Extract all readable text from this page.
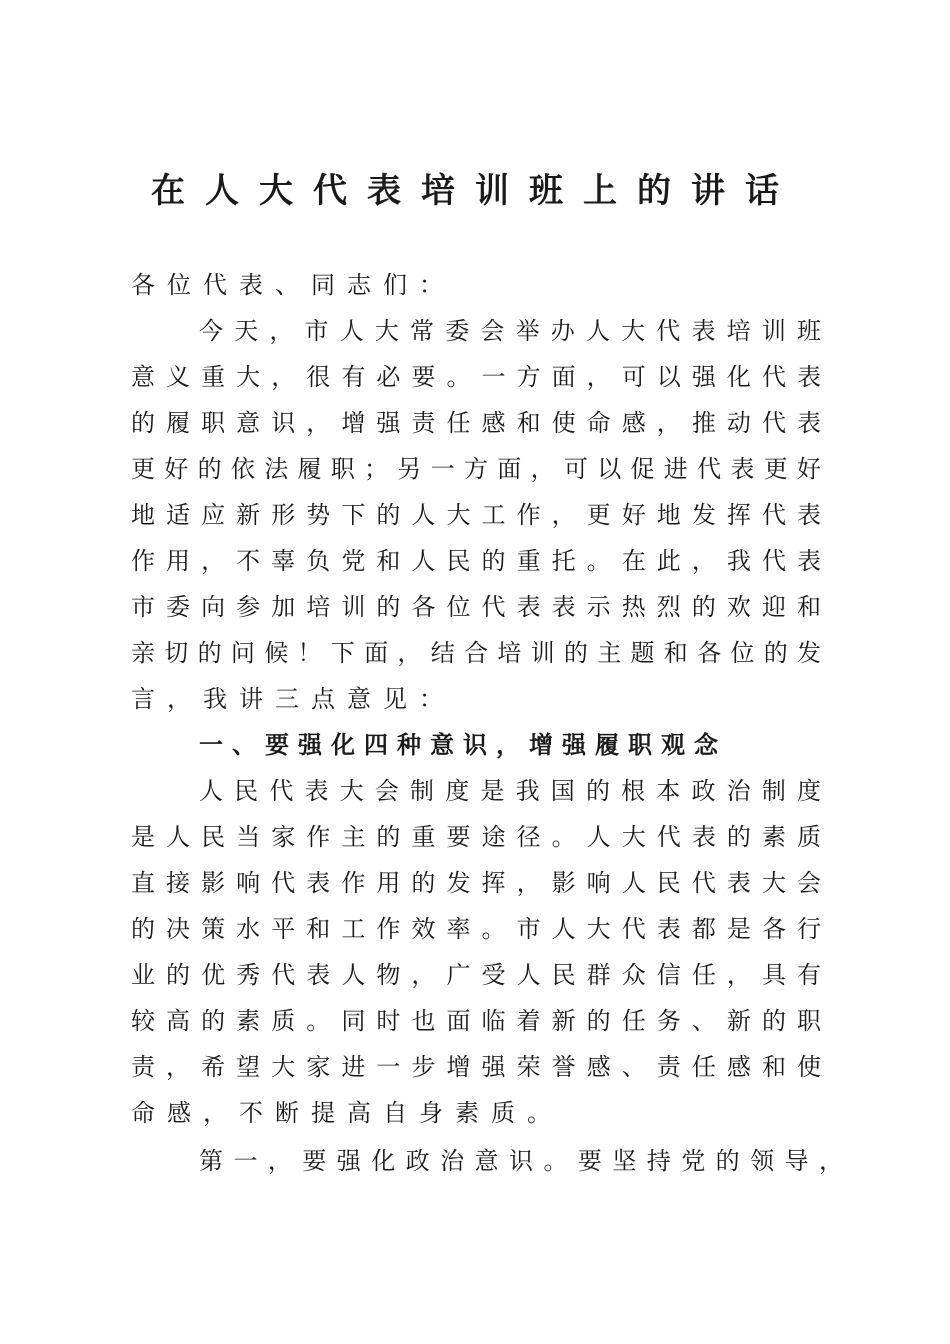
在人大代表培训班上的讲话
各位代表、同志们：
今天，市人大常委会举办人大代表培训班
意义重大，很有必要。一方面，可以强化代表
的履职意识，增强责任感和使命感，推动代表
更好的依法履职；另一方面，可以促进代表更好
地适应新形势下的人大工作，更好地发挥代表
作用，不辜负党和人民的重托。在此，我代表
市委向参加培训的各位代表表示热烈的欢迎和
亲切的问候！下面，结合培训的主题和各位的发
言，我讲三点意见：
一、要强化四种意识，增强履职观念
人民代表大会制度是我国的根本政治制度
是人民当家作主的重要途径。人大代表的素质
直接影响代表作用的发挥，影响人民代表大会
的决策水平和工作效率。市人大代表都是各行
业的优秀代表人物，广受人民群众信任，具有
较高的素质。同时也面临着新的任务、新的职
责，希望大家进一步增强荣誉感、责任感和使
命感，不断提高自身素质。
第一，要强化政治意识。要坚持党的领导，
